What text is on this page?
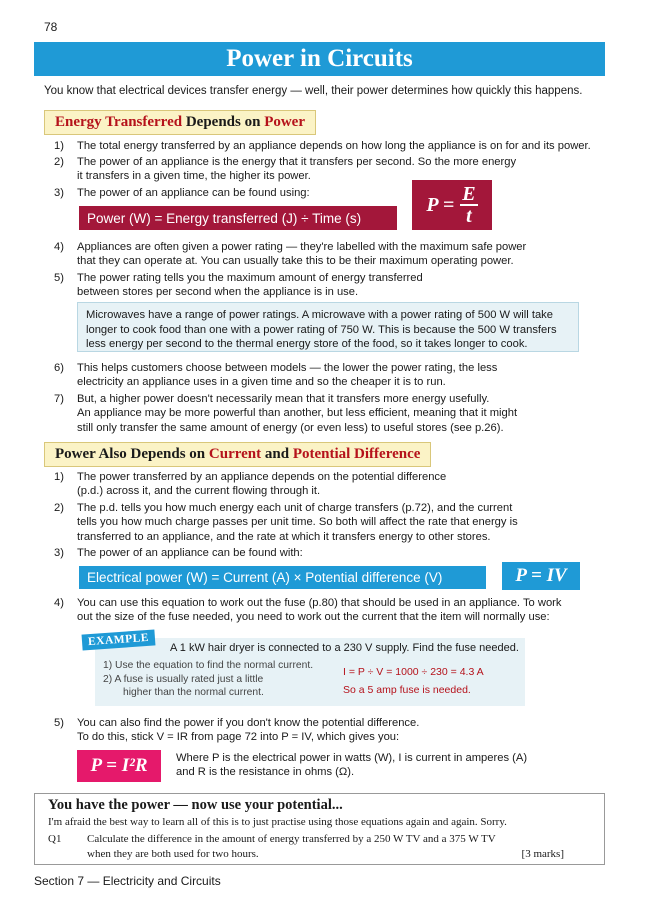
78
Power in Circuits
You know that electrical devices transfer energy — well, their power determines how quickly this happens.
Energy Transferred Depends on Power
1) The total energy transferred by an appliance depends on how long the appliance is on for and its power.
2) The power of an appliance is the energy that it transfers per second. So the more energy
it transfers in a given time, the higher its power.
3) The power of an appliance can be found using:
Power (W) = Energy transferred (J) ÷ Time (s)
$P = \frac{E}{t}$
4) Appliances are often given a power rating — they're labelled with the maximum safe power
that they can operate at. You can usually take this to be their maximum operating power.
5) The power rating tells you the maximum amount of energy transferred
between stores per second when the appliance is in use.
Microwaves have a range of power ratings. A microwave with a power rating of 500 W will take
longer to cook food than one with a power rating of 750 W. This is because the 500 W transfers
less energy per second to the thermal energy store of the food, so it takes longer to cook.
6) This helps customers choose between models — the lower the power rating, the less
electricity an appliance uses in a given time and so the cheaper it is to run.
7) But, a higher power doesn't necessarily mean that it transfers more energy usefully.
An appliance may be more powerful than another, but less efficient, meaning that it might
still only transfer the same amount of energy (or even less) to useful stores (see p.26).
Power Also Depends on Current and Potential Difference
1) The power transferred by an appliance depends on the potential difference
(p.d.) across it, and the current flowing through it.
2) The p.d. tells you how much energy each unit of charge transfers (p.72), and the current
tells you how much charge passes per unit time. So both will affect the rate that energy is
transferred to an appliance, and the rate at which it transfers energy to other stores.
3) The power of an appliance can be found with:
Electrical power (W) = Current (A) × Potential difference (V)	P = IV
4) You can use this equation to work out the fuse (p.80) that should be used in an appliance. To work
out the size of the fuse needed, you need to work out the current that the item will normally use:
EXAMPLE	A 1 kW hair dryer is connected to a 230 V supply. Find the fuse needed.
1) Use the equation to find the normal current.
2) A fuse is usually rated just a little
higher than the normal current.
I = P ÷ V = 1000 ÷ 230 = 4.3 A
So a 5 amp fuse is needed.
5) You can also find the power if you don't know the potential difference.
To do this, stick V = IR from page 72 into P = IV, which gives you:
P = I²R	Where P is the electrical power in watts (W), I is current in amperes (A)
and R is the resistance in ohms (Ω).
You have the power — now use your potential...
I'm afraid the best way to learn all of this is to just practise using those equations again and again. Sorry.
Q1 Calculate the difference in the amount of energy transferred by a 250 W TV and a 375 W TV
when they are both used for two hours.	[3 marks]
Section 7 — Electricity and Circuits
